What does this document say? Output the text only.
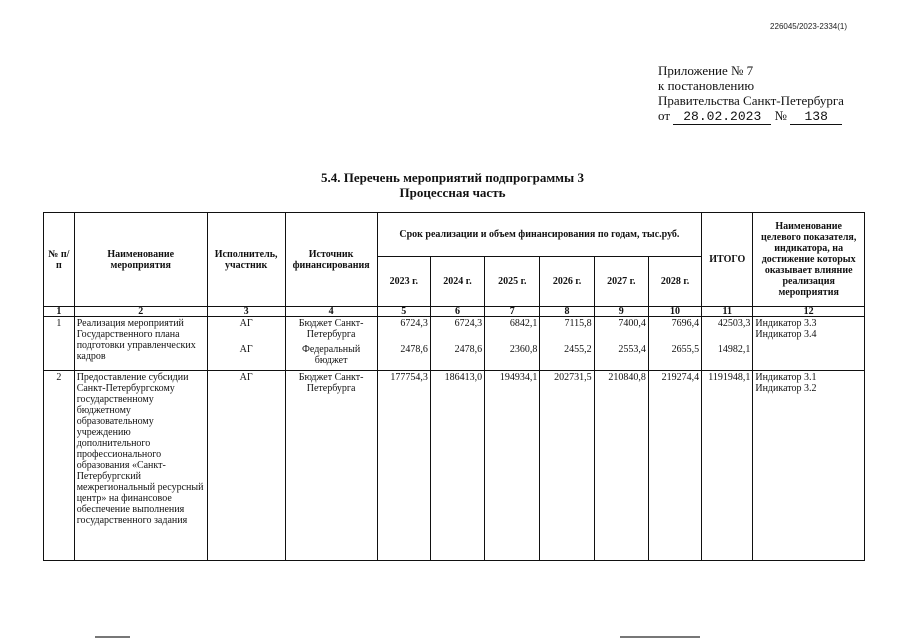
226045/2023-2334(1)
Приложение № 7
к постановлению
Правительства Санкт-Петербурга
от 28.02.2023 № 138
5.4. Перечень мероприятий подпрограммы 3
Процессная часть
№ п/п	Наименование мероприятия	Исполнитель, участник	Источник финансирования	Срок реализации и объем финансирования по годам, тыс.руб.						ИТОГО	Наименование целевого показателя, индикатора, на достижение которых оказывает влияние реализация мероприятия
				2023 г.	2024 г.	2025 г.	2026 г.	2027 г.	2028 г.		
1	2	3	4	5	6	7	8	9	10	11	12
1	Реализация мероприятий Государственного плана подготовки управленческих кадров	АГ	Бюджет Санкт-Петербурга	6724,3	6724,3	6842,1	7115,8	7400,4	7696,4	42503,3	Индикатор 3.3
Индикатор 3.4

		АГ	Федеральный бюджет	2478,6	2478,6	2360,8	2455,2	2553,4	2655,5	14982,1	
2	Предоставление субсидии Санкт-Петербургскому государственному бюджетному образовательному учреждению дополнительного профессионального образования «Санкт-Петербургский межрегиональный ресурсный центр» на финансовое обеспечение выполнения государственного задания	АГ	Бюджет Санкт-Петербурга	177754,3	186413,0	194934,1	202731,5	210840,8	219274,4	1191948,1	Индикатор 3.1
Индикатор 3.2
